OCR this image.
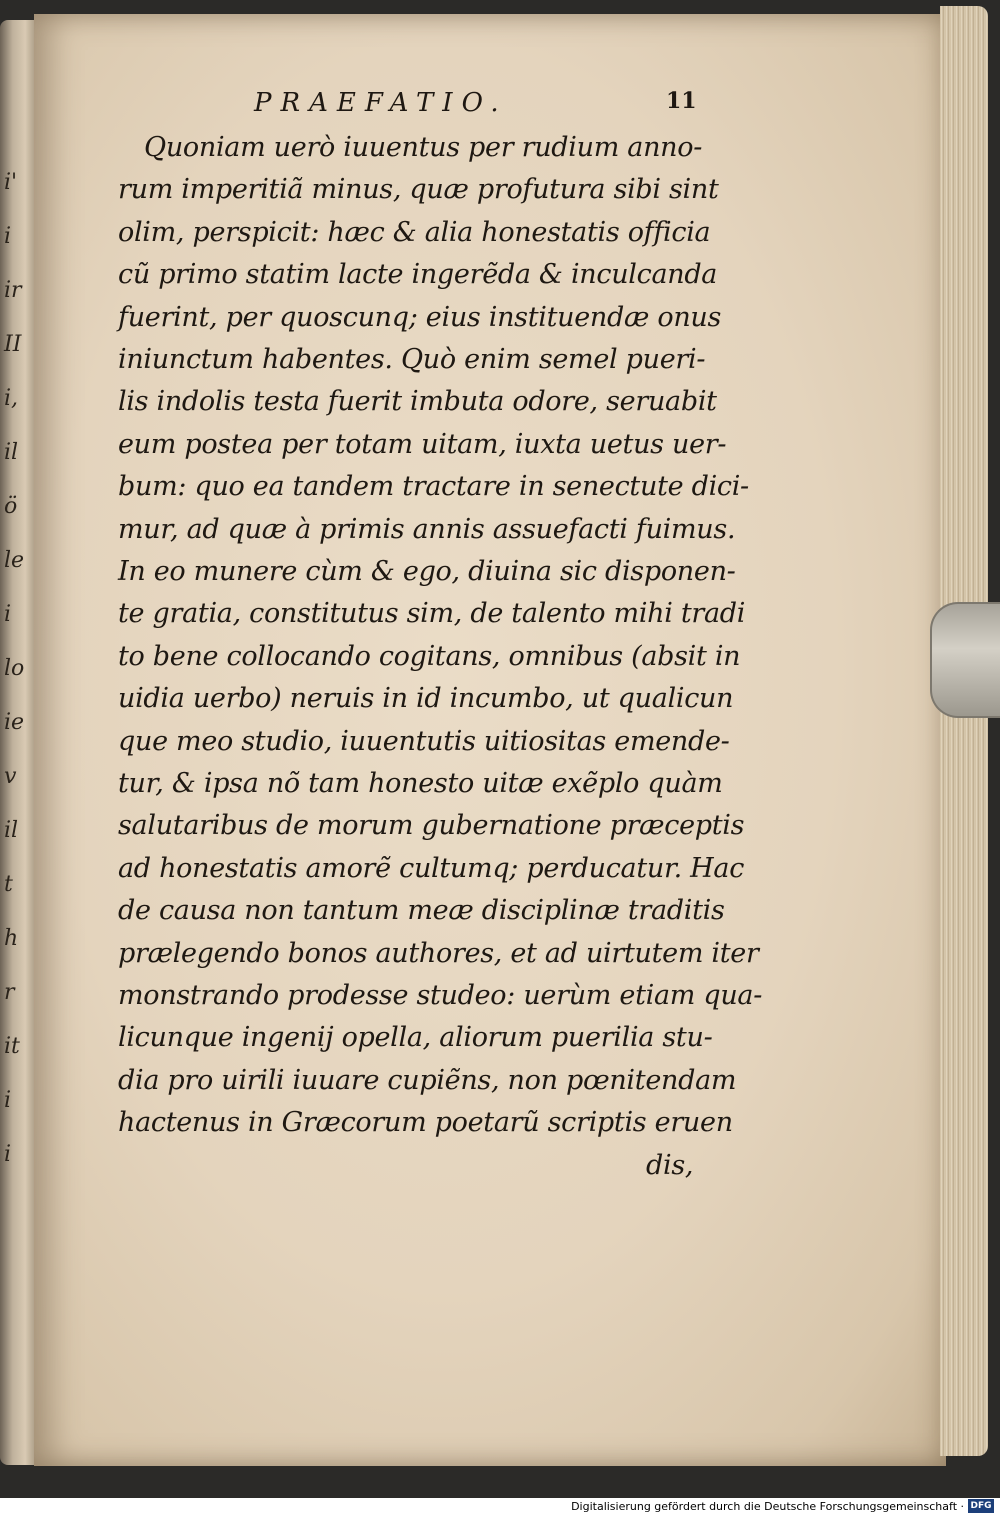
PRAEFATIO.	11
Quoniam uerò iuuentus per rudium anno-
rum imperitiã minus, quæ profutura sibi sint
olim, perspicit: hæc & alia honestatis officia
cũ primo statim lacte ingerẽda & inculcanda
fuerint, per quoscunq; eius instituendæ onus
iniunctum habentes. Quò enim semel pueri-
lis indolis testa fuerit imbuta odore, seruabit
eum postea per totam uitam, iuxta uetus uer-
bum: quo ea tandem tractare in senectute dici-
mur, ad quæ à primis annis assuefacti fuimus.
In eo munere cùm & ego, diuina sic disponen-
te gratia, constitutus sim, de talento mihi tradi
to bene collocando cogitans, omnibus (absit in
uidia uerbo) neruis in id incumbo, ut qualicun
que meo studio, iuuentutis uitiositas emende-
tur, & ipsa nõ tam honesto uitæ exẽplo quàm
salutaribus de morum gubernatione præceptis
ad honestatis amorẽ cultumq; perducatur. Hac
de causa non tantum meæ disciplinæ traditis
prælegendo bonos authores, et ad uirtutem iter
monstrando prodesse studeo: uerùm etiam qua-
licunque ingenij opella, aliorum puerilia stu-
dia pro uirili iuuare cupiẽns, non pœnitendam
hactenus in Græcorum poetarũ scriptis eruen
dis,
i'
i
ir
II
i,
il
ö
le
i
lo
ie
v
il
t
h
r
it
i
i
Digitalisierung gefördert durch die Deutsche Forschungsgemeinschaft · DFG
